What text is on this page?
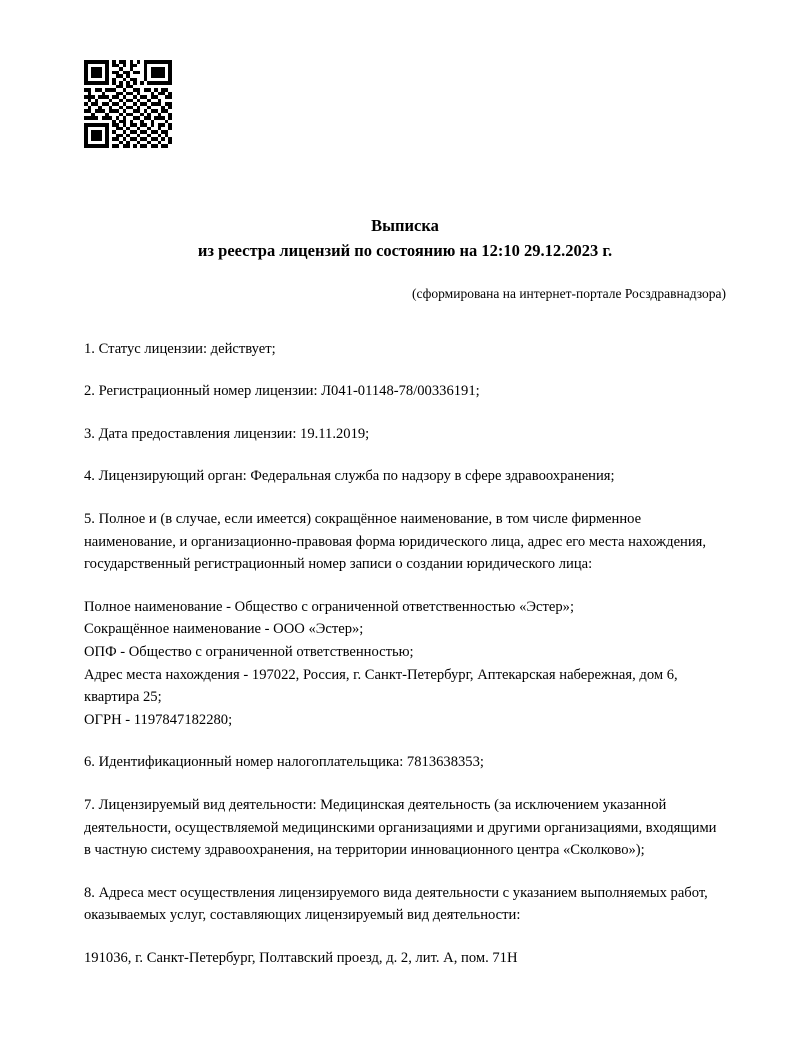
Выписка
из реестра лицензий по состоянию на 12:10 29.12.2023 г.
(сформирована на интернет-портале Росздравнадзора)

1. Статус лицензии: действует;

2. Регистрационный номер лицензии: Л041-01148-78/00336191;

3. Дата предоставления лицензии: 19.11.2019;

4. Лицензирующий орган: Федеральная служба по надзору в сфере здравоохранения;

5. Полное и (в случае, если имеется) сокращённое наименование, в том числе фирменное наименование, и организационно-правовая форма юридического лица, адрес его места нахождения, государственный регистрационный номер записи о создании юридического лица:

Полное наименование - Общество с ограниченной ответственностью «Эстер»;
Сокращённое наименование - ООО «Эстер»;
ОПФ - Общество с ограниченной ответственностью;
Адрес места нахождения - 197022, Россия, г. Санкт-Петербург, Аптекарская набережная, дом 6, квартира 25;
ОГРН - 1197847182280;

6. Идентификационный номер налогоплательщика: 7813638353;

7. Лицензируемый вид деятельности: Медицинская деятельность (за исключением указанной деятельности, осуществляемой медицинскими организациями и другими организациями, входящими в частную систему здравоохранения, на территории инновационного центра «Сколково»);

8. Адреса мест осуществления лицензируемого вида деятельности с указанием выполняемых работ, оказываемых услуг, составляющих лицензируемый вид деятельности:

191036, г. Санкт-Петербург, Полтавский проезд, д. 2, лит. А, пом. 71Н
